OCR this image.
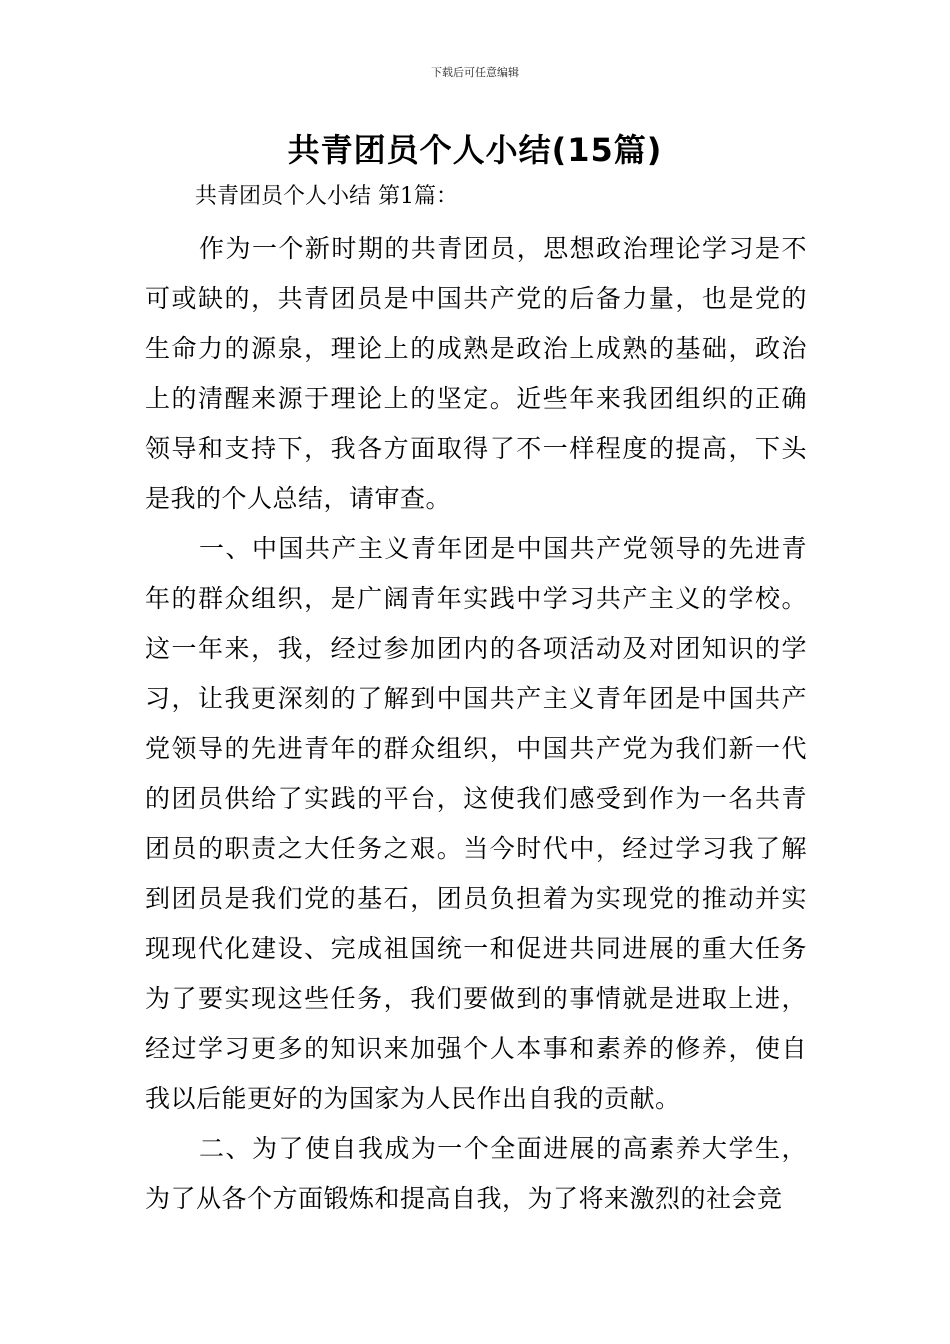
下载后可任意编辑
共青团员个人小结(15篇)

共青团员个人小结 第1篇：

作为一个新时期的共青团员，思想政治理论学习是不可或缺的，共青团员是中国共产党的后备力量，也是党的生命力的源泉，理论上的成熟是政治上成熟的基础，政治上的清醒来源于理论上的坚定。近些年来我团组织的正确领导和支持下，我各方面取得了不一样程度的提高，下头是我的个人总结，请审查。

一、中国共产主义青年团是中国共产党领导的先进青年的群众组织，是广阔青年实践中学习共产主义的学校。这一年来，我，经过参加团内的各项活动及对团知识的学习，让我更深刻的了解到中国共产主义青年团是中国共产党领导的先进青年的群众组织，中国共产党为我们新一代的团员供给了实践的平台，这使我们感受到作为一名共青团员的职责之大任务之艰。当今时代中，经过学习我了解到团员是我们党的基石，团员负担着为实现党的推动并实现现代化建设、完成祖国统一和促进共同进展的重大任务为了要实现这些任务，我们要做到的事情就是进取上进，经过学习更多的知识来加强个人本事和素养的修养，使自我以后能更好的为国家为人民作出自我的贡献。

二、为了使自我成为一个全面进展的高素养大学生，为了从各个方面锻炼和提高自我，为了将来激烈的社会竞
